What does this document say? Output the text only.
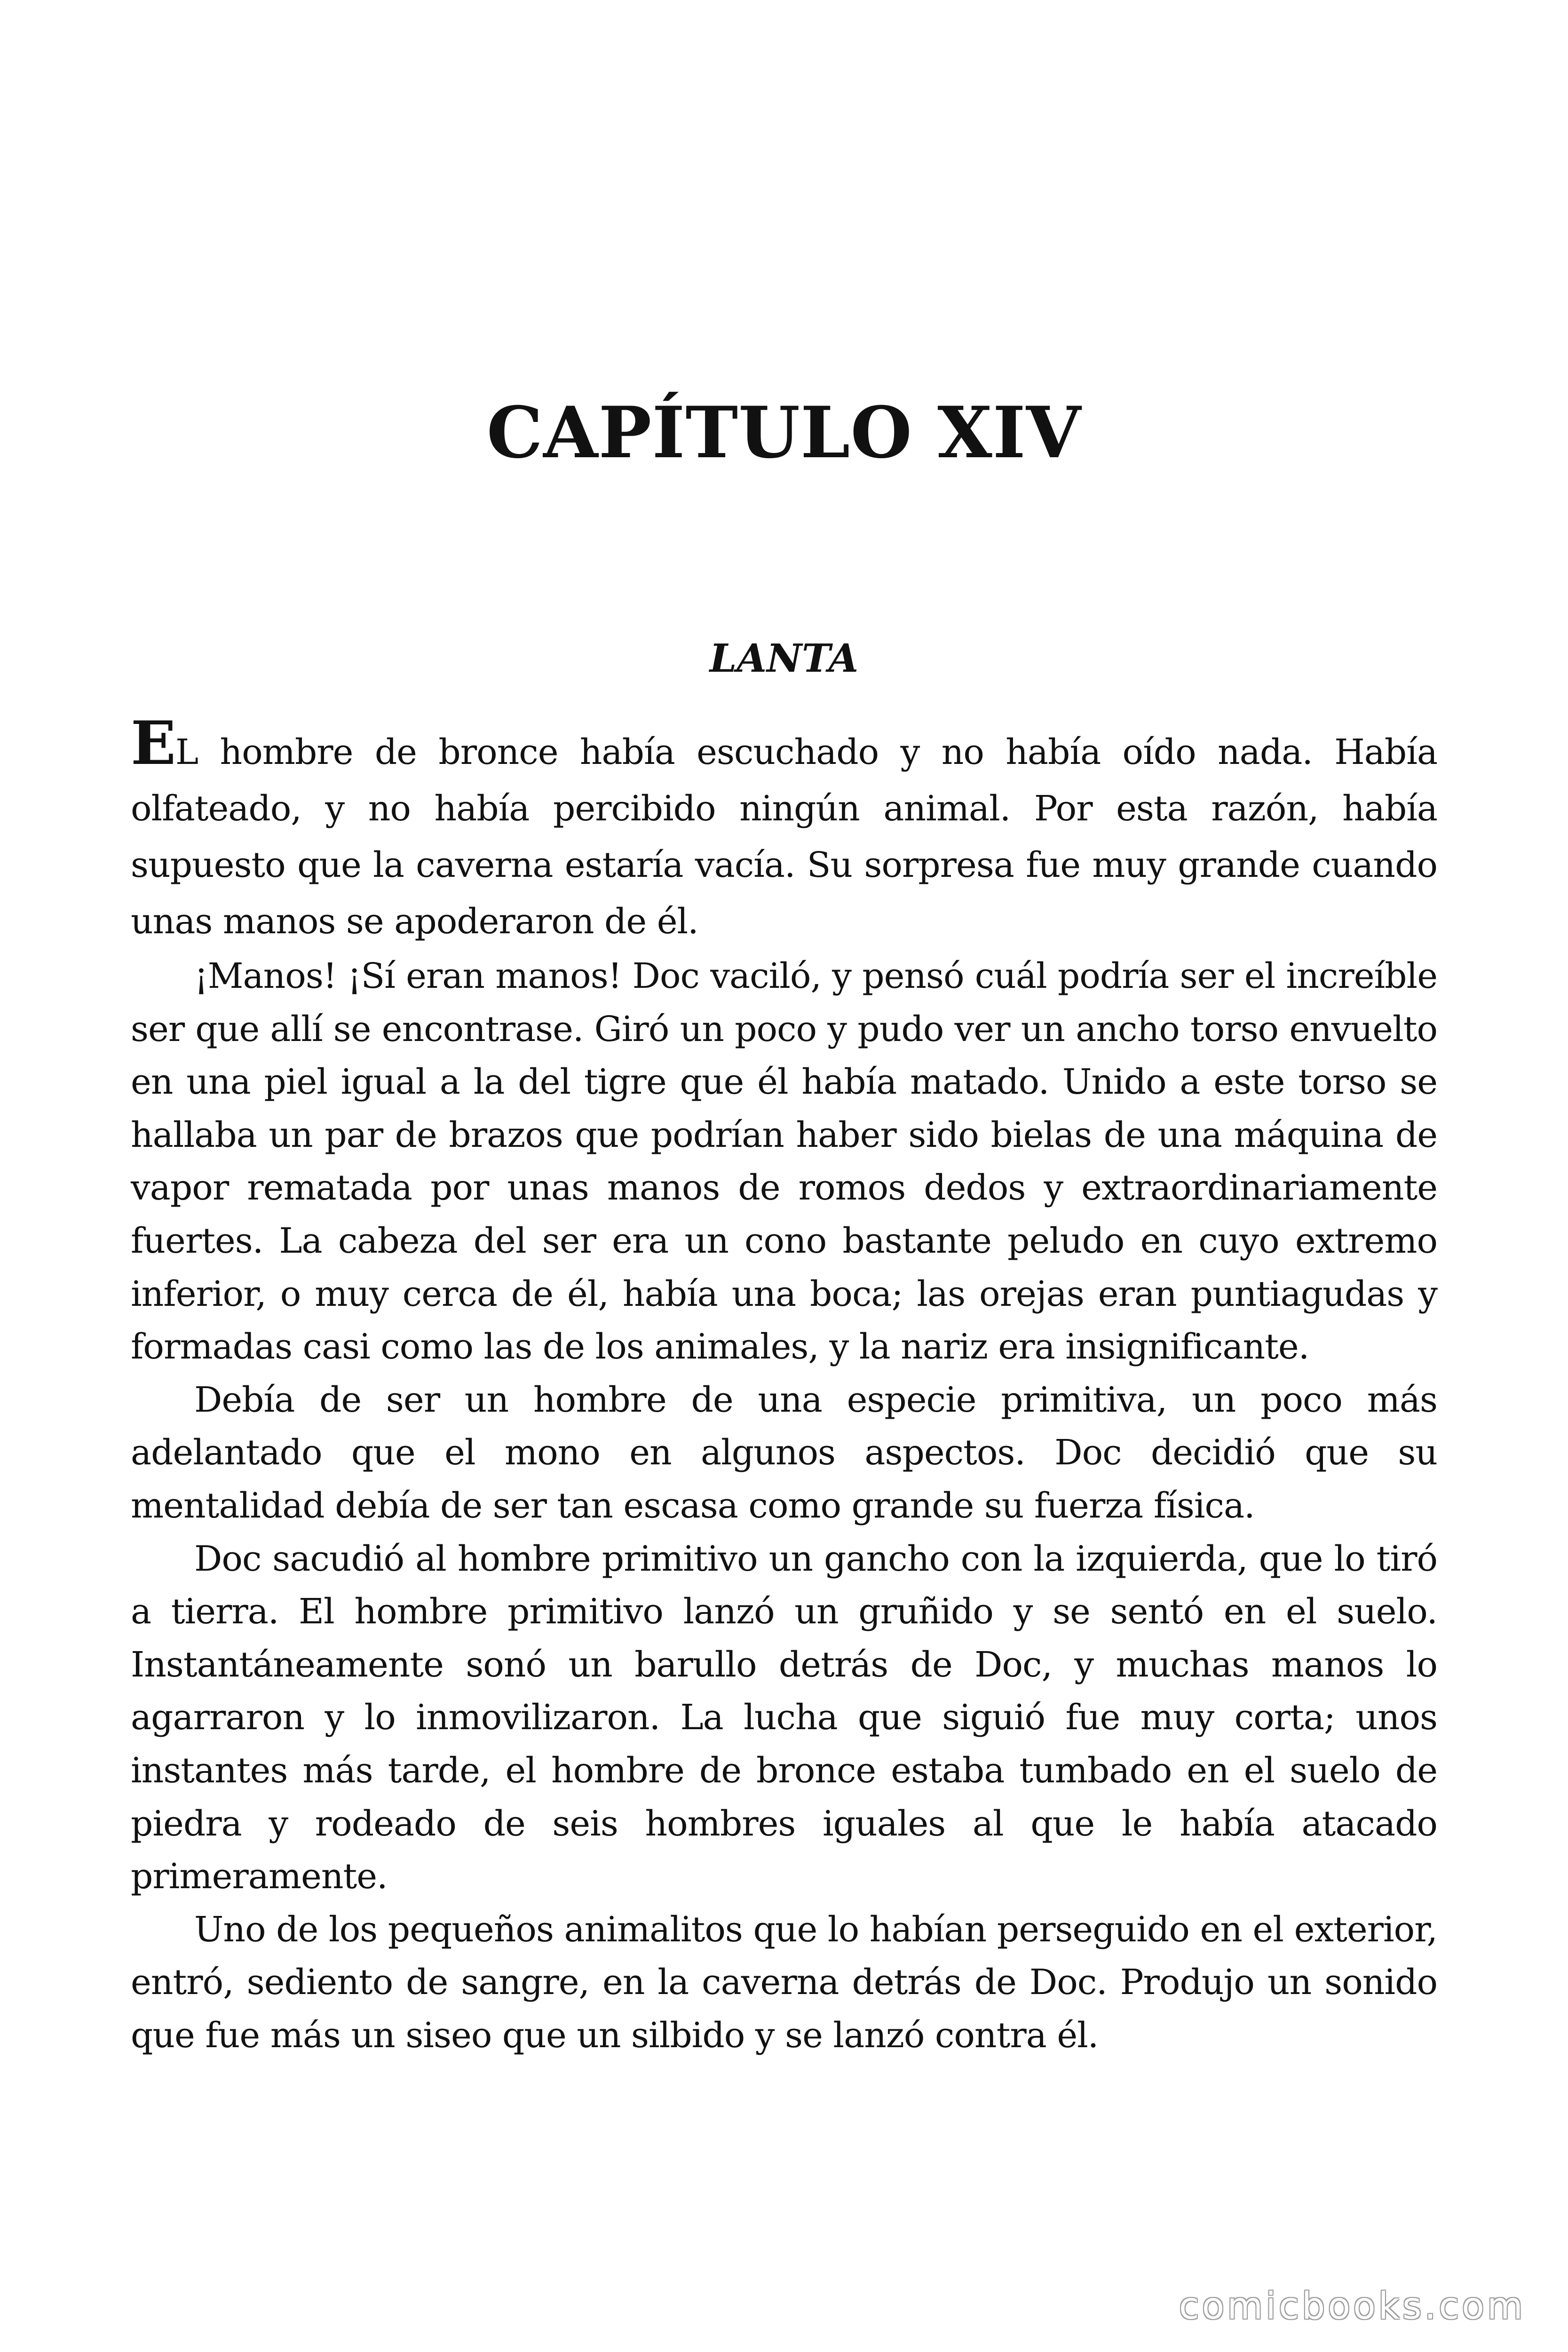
CAPÍTULO XIV
LANTA

EL hombre de bronce había escuchado y no había oído nada. Había olfateado, y no había percibido ningún animal. Por esta razón, había supuesto que la caverna estaría vacía. Su sorpresa fue muy grande cuando unas manos se apoderaron de él.

¡Manos! ¡Sí eran manos! Doc vaciló, y pensó cuál podría ser el increíble ser que allí se encontrase. Giró un poco y pudo ver un ancho torso envuelto en una piel igual a la del tigre que él había matado. Unido a este torso se hallaba un par de brazos que podrían haber sido bielas de una máquina de vapor rematada por unas manos de romos dedos y extraordinariamente fuertes. La cabeza del ser era un cono bastante peludo en cuyo extremo inferior, o muy cerca de él, había una boca; las orejas eran puntiagudas y formadas casi como las de los animales, y la nariz era insignificante.

Debía de ser un hombre de una especie primitiva, un poco más adelantado que el mono en algunos aspectos. Doc decidió que su mentalidad debía de ser tan escasa como grande su fuerza física.

Doc sacudió al hombre primitivo un gancho con la izquierda, que lo tiró a tierra. El hombre primitivo lanzó un gruñido y se sentó en el suelo. Instantáneamente sonó un barullo detrás de Doc, y muchas manos lo agarraron y lo inmovilizaron. La lucha que siguió fue muy corta; unos instantes más tarde, el hombre de bronce estaba tumbado en el suelo de piedra y rodeado de seis hombres iguales al que le había atacado primeramente.

Uno de los pequeños animalitos que lo habían perseguido en el exterior, entró, sediento de sangre, en la caverna detrás de Doc. Produjo un sonido que fue más un siseo que un silbido y se lanzó contra él.

comicbooks.com
